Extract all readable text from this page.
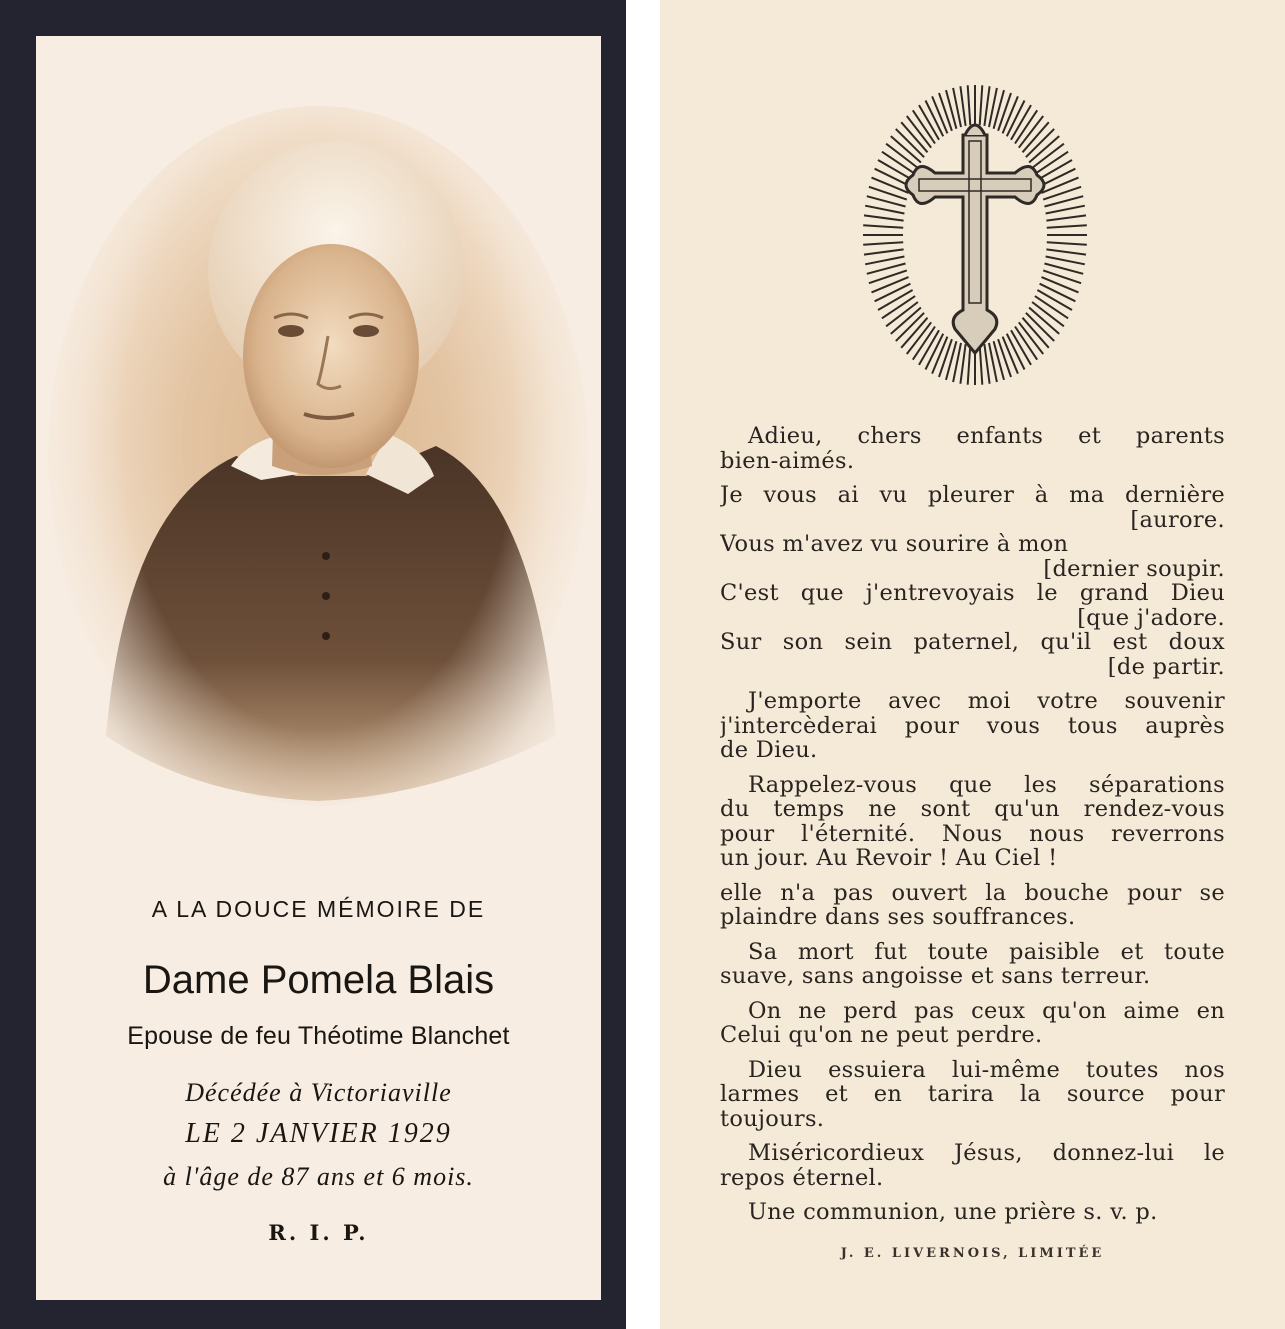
A LA DOUCE MÉMOIRE DE
Dame Pomela Blais
Epouse de feu Théotime Blanchet
Décédée à Victoriaville
LE 2 JANVIER 1929
à l'âge de 87 ans et 6 mois.
R. I. P.
Adieu, chers enfants et parents
bien-aimés.
Je vous ai vu pleurer à ma dernière
[aurore.
Vous m'avez vu sourire à mon
[dernier soupir.
C'est que j'entrevoyais le grand Dieu
[que j'adore.
Sur son sein paternel, qu'il est doux
[de partir.
J'emporte avec moi votre souvenir
j'intercèderai pour vous tous auprès
de Dieu.
Rappelez-vous que les séparations
du temps ne sont qu'un rendez-vous
pour l'éternité. Nous nous reverrons
un jour. Au Revoir ! Au Ciel !
elle n'a pas ouvert la bouche pour se
plaindre dans ses souffrances.
Sa mort fut toute paisible et toute
suave, sans angoisse et sans terreur.
On ne perd pas ceux qu'on aime en
Celui qu'on ne peut perdre.
Dieu essuiera lui-même toutes nos
larmes et en tarira la source pour
toujours.
Miséricordieux Jésus, donnez-lui le
repos éternel.
Une communion, une prière s. v. p.
J. E. LIVERNOIS, LIMITÉE
